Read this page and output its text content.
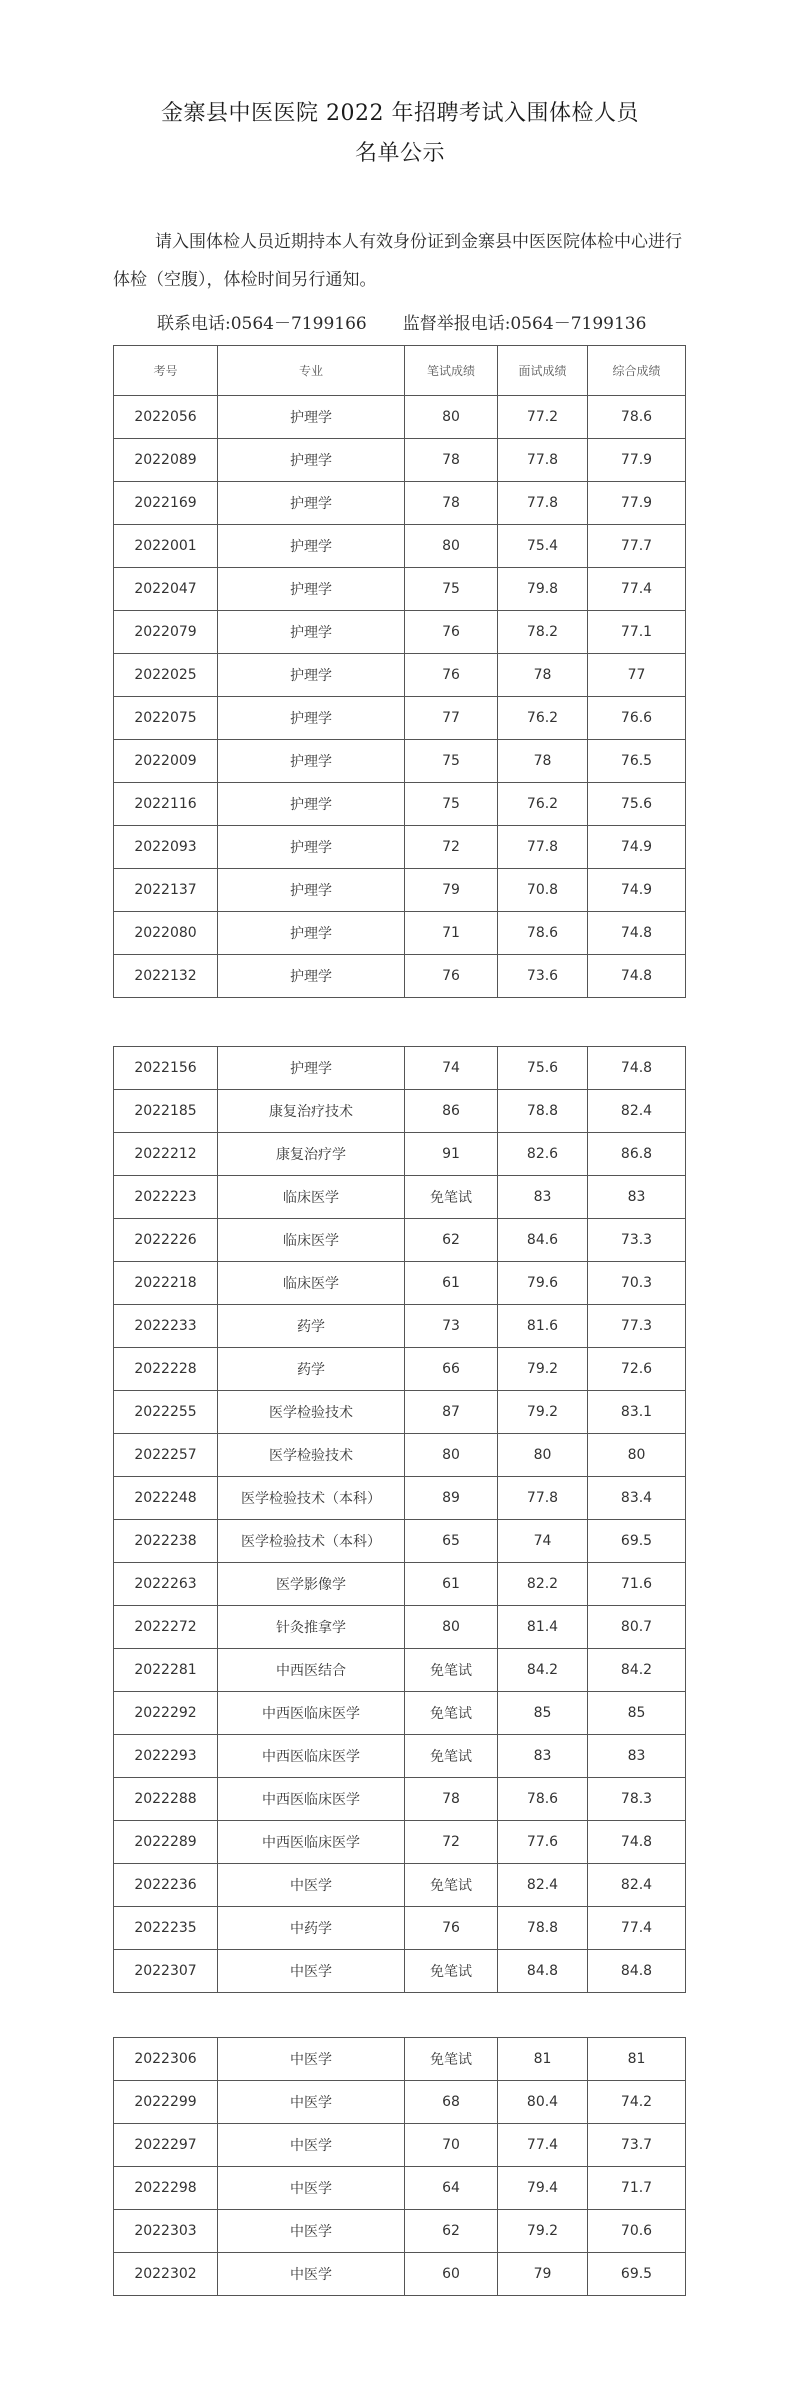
金寨县中医医院 2022 年招聘考试入围体检人员
名单公示

请入围体检人员近期持本人有效身份证到金寨县中医医院体检中心进行体检（空腹），体检时间另行通知。

联系电话:0564－7199166 监督举报电话:0564－7199136
考号	专业	笔试成绩	面试成绩	综合成绩
2022056	护理学	80	77.2	78.6
2022089	护理学	78	77.8	77.9
2022169	护理学	78	77.8	77.9
2022001	护理学	80	75.4	77.7
2022047	护理学	75	79.8	77.4
2022079	护理学	76	78.2	77.1
2022025	护理学	76	78	77
2022075	护理学	77	76.2	76.6
2022009	护理学	75	78	76.5
2022116	护理学	75	76.2	75.6
2022093	护理学	72	77.8	74.9
2022137	护理学	79	70.8	74.9
2022080	护理学	71	78.6	74.8
2022132	护理学	76	73.6	74.8
2022156	护理学	74	75.6	74.8
2022185	康复治疗技术	86	78.8	82.4
2022212	康复治疗学	91	82.6	86.8
2022223	临床医学	免笔试	83	83
2022226	临床医学	62	84.6	73.3
2022218	临床医学	61	79.6	70.3
2022233	药学	73	81.6	77.3
2022228	药学	66	79.2	72.6
2022255	医学检验技术	87	79.2	83.1
2022257	医学检验技术	80	80	80
2022248	医学检验技术（本科）	89	77.8	83.4
2022238	医学检验技术（本科）	65	74	69.5
2022263	医学影像学	61	82.2	71.6
2022272	针灸推拿学	80	81.4	80.7
2022281	中西医结合	免笔试	84.2	84.2
2022292	中西医临床医学	免笔试	85	85
2022293	中西医临床医学	免笔试	83	83
2022288	中西医临床医学	78	78.6	78.3
2022289	中西医临床医学	72	77.6	74.8
2022236	中医学	免笔试	82.4	82.4
2022235	中药学	76	78.8	77.4
2022307	中医学	免笔试	84.8	84.8
2022306	中医学	免笔试	81	81
2022299	中医学	68	80.4	74.2
2022297	中医学	70	77.4	73.7
2022298	中医学	64	79.4	71.7
2022303	中医学	62	79.2	70.6
2022302	中医学	60	79	69.5
